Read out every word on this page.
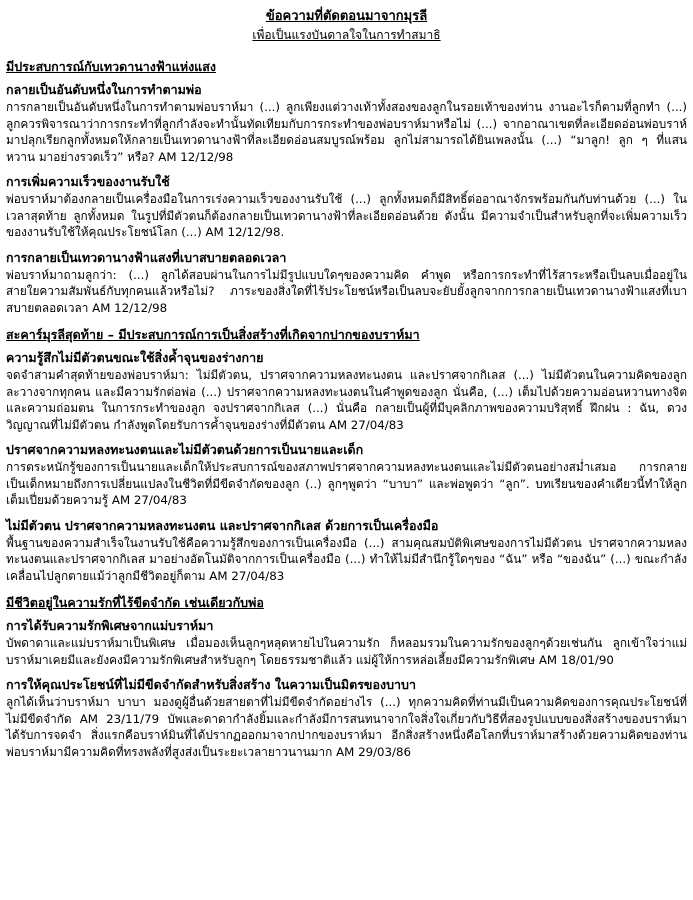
ข้อความที่ตัดตอนมาจากมุรลี
เพื่อเป็นแรงบันดาลใจในการทำสมาธิ
มีประสบการณ์กับเทวดานางฟ้าแห่งแสง
กลายเป็นอันดับหนึ่งในการทำตามพ่อ
การกลายเป็นอันดับหนึ่งในการทำตามพ่อบราห์มา (...) ลูกเพียงแต่วางเท้าทั้งสองของลูกในรอยเท้าของท่าน งานอะไรก็ตามที่ลูกทำ (...) ลูกควรพิจารณาว่าการกระทำที่ลูกกำลังจะทำนั้นทัดเทียมกับการกระทำของพ่อบราห์มาหรือไม่ (...) จากอาณาเขตที่ละเอียดอ่อนพ่อบราห์มาปลุกเรียกลูกทั้งหมดให้กลายเป็นเทวดานางฟ้าที่ละเอียดอ่อนสมบูรณ์พร้อม ลูกไม่สามารถได้ยินเพลงนั้น (...) “มาลูก! ลูก ๆ ที่แสนหวาน มาอย่างรวดเร็ว” หรือ? AM 12/12/98
การเพิ่มความเร็วของงานรับใช้
พ่อบราห์มาต้องกลายเป็นเครื่องมือในการเร่งความเร็วของงานรับใช้ (...) ลูกทั้งหมดก็มีสิทธิ์ต่ออาณาจักรพร้อมกันกับท่านด้วย (...) ในเวลาสุดท้าย ลูกทั้งหมด ในรูปที่มีตัวตนก็ต้องกลายเป็นเทวดานางฟ้าที่ละเอียดอ่อนด้วย ดังนั้น มีความจำเป็นสำหรับลูกที่จะเพิ่มความเร็วของงานรับใช้ให้คุณประโยชน์โลก (...) AM 12/12/98.
การกลายเป็นเทวดานางฟ้าแสงที่เบาสบายตลอดเวลา
พ่อบราห์มาถามลูกว่า: (...) ลูกได้สอบผ่านในการไม่มีรูปแบบใดๆของความคิด คำพูด หรือการกระทำที่ไร้สาระหรือเป็นลบเมื่ออยู่ในสายใยความสัมพันธ์กับทุกคนแล้วหรือไม่? ภาระของสิ่งใดที่ไร้ประโยชน์หรือเป็นลบจะยับยั้งลูกจากการกลายเป็นเทวดานางฟ้าแสงที่เบาสบายตลอดเวลา AM 12/12/98
สะคาร์มุรลีสุดท้าย – มีประสบการณ์การเป็นสิ่งสร้างที่เกิดจากปากของบราห์มา
ความรู้สึกไม่มีตัวตนขณะใช้สิ่งค้ำจุนของร่างกาย
จดจำสามคำสุดท้ายของพ่อบราห์มา: ไม่มีตัวตน, ปราศจากความหลงทะนงตน และปราศจากกิเลส (...) ไม่มีตัวตนในความคิดของลูก ละวางจากทุกคน และมีความรักต่อพ่อ (...) ปราศจากความหลงทะนงตนในคำพูดของลูก นั่นคือ, (...) เต็มไปด้วยความอ่อนหวานทางจิตและความถ่อมตน ในการกระทำของลูก จงปราศจากกิเลส (...) นั่นคือ กลายเป็นผู้ที่มีบุคลิกภาพของความบริสุทธิ์ ฝึกฝน : ฉัน, ดวงวิญญาณที่ไม่มีตัวตน กำลังพูดโดยรับการค้ำจุนของร่างที่มีตัวตน AM 27/04/83
ปราศจากความหลงทะนงตนและไม่มีตัวตนด้วยการเป็นนายและเด็ก
การตระหนักรู้ของการเป็นนายและเด็กให้ประสบการณ์ของสภาพปราศจากความหลงทะนงตนและไม่มีตัวตนอย่างสม่ำเสมอ การกลายเป็นเด็กหมายถึงการเปลี่ยนแปลงในชีวิตที่มีขีดจำกัดของลูก (..) ลูกๆพูดว่า “บาบา” และพ่อพูดว่า “ลูก”. บทเรียนของคำเดียวนี้ทำให้ลูกเต็มเปี่ยมด้วยความรู้ AM 27/04/83
ไม่มีตัวตน ปราศจากความหลงทะนงตน และปราศจากกิเลส ด้วยการเป็นเครื่องมือ
พื้นฐานของความสำเร็จในงานรับใช้คือความรู้สึกของการเป็นเครื่องมือ (...) สามคุณสมบัติพิเศษของการไม่มีตัวตน ปราศจากความหลงทะนงตนและปราศจากกิเลส มาอย่างอัตโนมัติจากการเป็นเครื่องมือ (...) ทำให้ไม่มีสำนึกรู้ใดๆของ “ฉัน” หรือ “ของฉัน” (...) ขณะกำลังเคลื่อนไปลูกตายแม้ว่าลูกมีชีวิตอยู่ก็ตาม AM 27/04/83
มีชีวิตอยู่ในความรักที่ไร้ขีดจำกัด เช่นเดียวกับพ่อ
การได้รับความรักพิเศษจากแม่บราห์มา
บัพดาดาและแม่บราห์มาเป็นพิเศษ เมื่อมองเห็นลูกๆหลุดหายไปในความรัก ก็หลอมรวมในความรักของลูกๆด้วยเช่นกัน ลูกเข้าใจว่าแม่บราห์มาเคยมีและยังคงมีความรักพิเศษสำหรับลูกๆ โดยธรรมชาติแล้ว แม่ผู้ให้การหล่อเลี้ยงมีความรักพิเศษ AM 18/01/90
การให้คุณประโยชน์ที่ไม่มีขีดจำกัดสำหรับสิ่งสร้าง ในความเป็นมิตรของบาบา
ลูกได้เห็นว่าบราห์มา บาบา มองดูผู้อื่นด้วยสายตาที่ไม่มีขีดจำกัดอย่างไร (...) ทุกความคิดที่ท่านมีเป็นความคิดของการคุณประโยชน์ที่ไม่มีขีดจำกัด AM 23/11/79 บัพและดาดากำลังยิ้มและกำลังมีการสนทนาจากใจสิ่งใจเกี่ยวกับวิธีที่สองรูปแบบของสิ่งสร้างของบราห์มาได้รับการจดจำ สิ่งแรกคือบราห์มินที่ได้ปรากฏออกมาจากปากของบราห์มา อีกสิ่งสร้างหนึ่งคือโลกที่บราห์มาสร้างด้วยความคิดของท่าน พ่อบราห์มามีความคิดที่ทรงพลังที่สูงส่งเป็นระยะเวลายาวนานมาก AM 29/03/86
